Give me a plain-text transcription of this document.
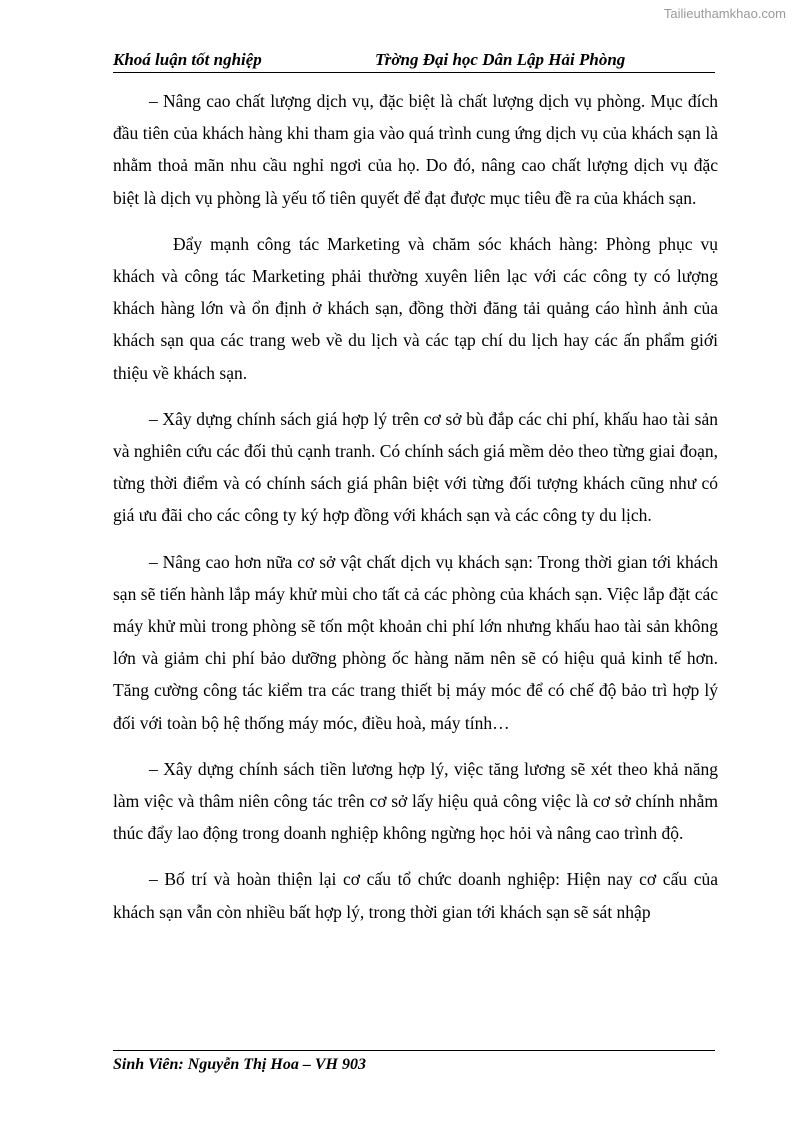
Tailieuthamkhao.com
Khoá luận tốt nghiệp	Tr̀ờng Đại học Dân Lập Hải Phòng

– Nâng cao chất lượng dịch vụ, đặc biệt là chất lượng dịch vụ phòng. Mục đích đầu tiên của khách hàng khi tham gia vào quá trình cung ứng dịch vụ của khách sạn là nhằm thoả mãn nhu cầu nghỉ ngơi của họ. Do đó, nâng cao chất lượng dịch vụ đặc biệt là dịch vụ phòng là yếu tố tiên quyết để đạt được mục tiêu đề ra của khách sạn.

Đẩy mạnh công tác Marketing và chăm sóc khách hàng: Phòng phục vụ khách và công tác Marketing phải thường xuyên liên lạc với các công ty có lượng khách hàng lớn và ổn định ở khách sạn, đồng thời đăng tải quảng cáo hình ảnh của khách sạn qua các trang web về du lịch và các tạp chí du lịch hay các ấn phẩm giới thiệu về khách sạn.

– Xây dựng chính sách giá hợp lý trên cơ sở bù đắp các chi phí, khấu hao tài sản và nghiên cứu các đối thủ cạnh tranh. Có chính sách giá mềm dẻo theo từng giai đoạn, từng thời điểm và có chính sách giá phân biệt với từng đối tượng khách cũng như có giá ưu đãi cho các công ty ký hợp đồng với khách sạn và các công ty du lịch.

– Nâng cao hơn nữa cơ sở vật chất dịch vụ khách sạn: Trong thời gian tới khách sạn sẽ tiến hành lắp máy khử mùi cho tất cả các phòng của khách sạn. Việc lắp đặt các máy khử mùi trong phòng sẽ tốn một khoản chi phí lớn nhưng khấu hao tài sản không lớn và giảm chi phí bảo dưỡng phòng ốc hàng năm nên sẽ có hiệu quả kinh tế hơn. Tăng cường công tác kiểm tra các trang thiết bị máy móc để có chế độ bảo trì hợp lý đối với toàn bộ hệ thống máy móc, điều hoà, máy tính…

– Xây dựng chính sách tiền lương hợp lý, việc tăng lương sẽ xét theo khả năng làm việc và thâm niên công tác trên cơ sở lấy hiệu quả công việc là cơ sở chính nhằm thúc đẩy lao động trong doanh nghiệp không ngừng học hỏi và nâng cao trình độ.

– Bố trí và hoàn thiện lại cơ cấu tổ chức doanh nghiệp: Hiện nay cơ cấu của khách sạn vẫn còn nhiều bất hợp lý, trong thời gian tới khách sạn sẽ sát nhập

Sinh Viên: Nguyễn Thị Hoa – VH 903
